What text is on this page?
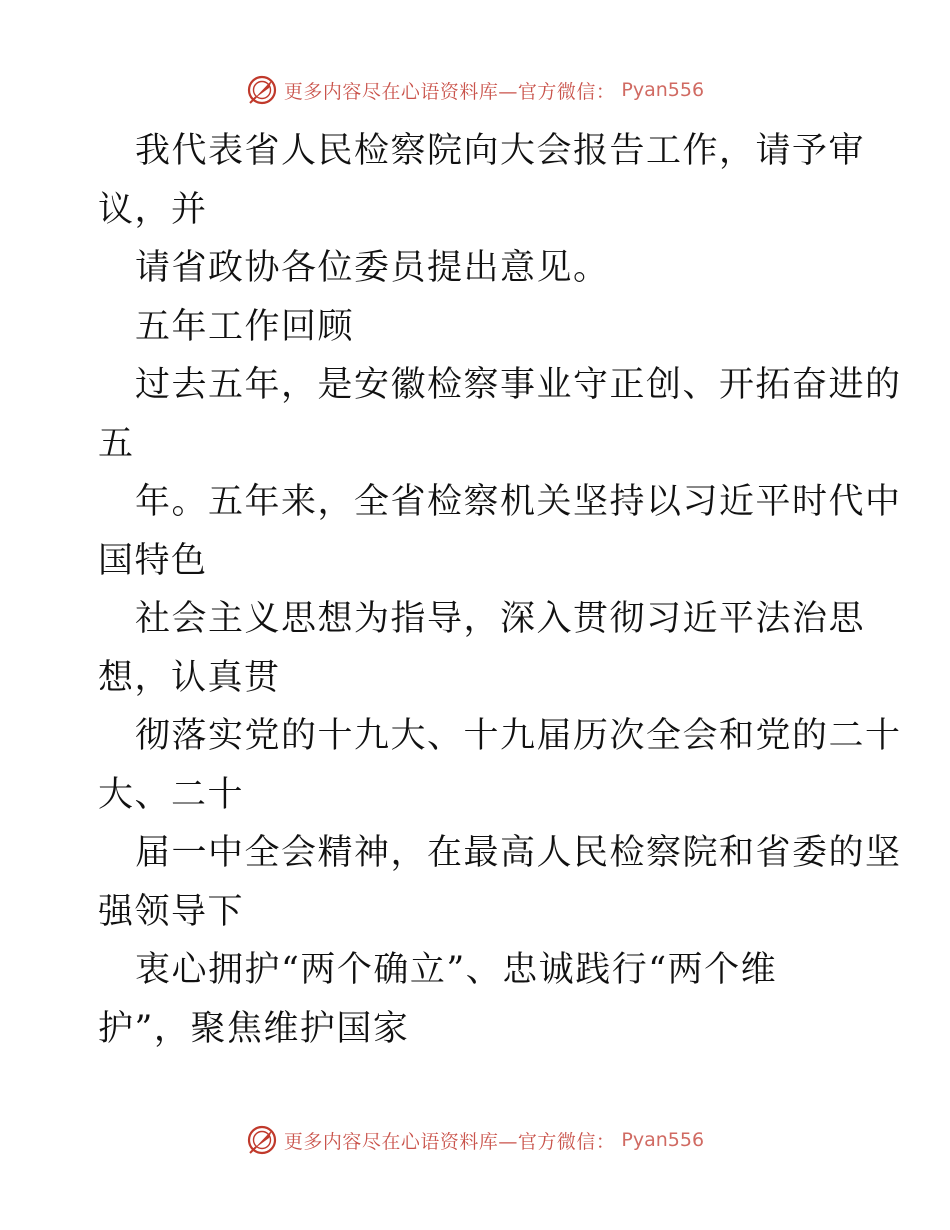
更多内容尽在心语资料库—官方微信： Pyan556
我代表省人民检察院向大会报告工作，请予审
议，并
请省政协各位委员提出意见。
五年工作回顾
过去五年，是安徽检察事业守正创、开拓奋进的
五
年。五年来，全省检察机关坚持以习近平时代中
国特色
社会主义思想为指导，深入贯彻习近平法治思
想，认真贯
彻落实党的十九大、十九届历次全会和党的二十
大、二十
届一中全会精神，在最高人民检察院和省委的坚
强领导下
衷心拥护“两个确立”、忠诚践行“两个维
护”，聚焦维护国家
更多内容尽在心语资料库—官方微信： Pyan556
